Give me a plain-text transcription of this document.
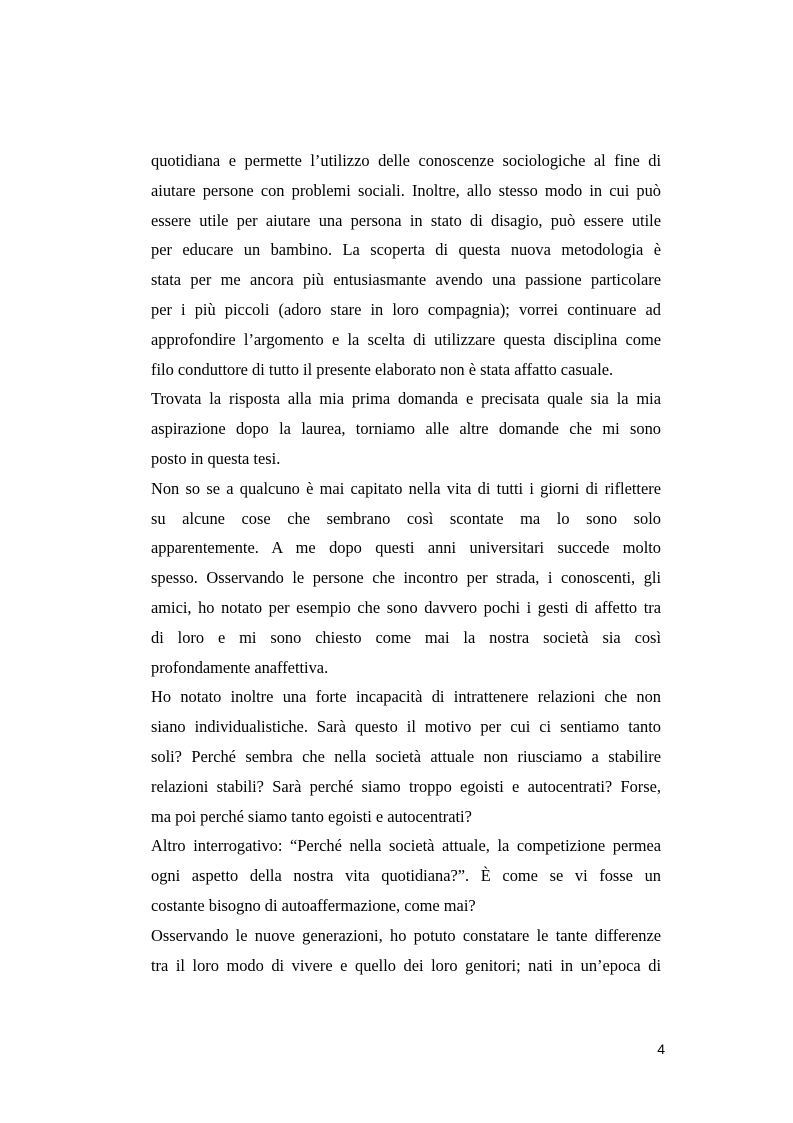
quotidiana e permette l’utilizzo delle conoscenze sociologiche al fine di
aiutare persone con problemi sociali. Inoltre, allo stesso modo in cui può
essere utile per aiutare una persona in stato di disagio, può essere utile
per educare un bambino. La scoperta di questa nuova metodologia è
stata per me ancora più entusiasmante avendo una passione particolare
per i più piccoli (adoro stare in loro compagnia); vorrei continuare ad
approfondire l’argomento e la scelta di utilizzare questa disciplina come
filo conduttore di tutto il presente elaborato non è stata affatto casuale.
Trovata la risposta alla mia prima domanda e precisata quale sia la mia
aspirazione dopo la laurea, torniamo alle altre domande che mi sono
posto in questa tesi.
Non so se a qualcuno è mai capitato nella vita di tutti i giorni di riflettere
su alcune cose che sembrano così scontate ma lo sono solo
apparentemente. A me dopo questi anni universitari succede molto
spesso. Osservando le persone che incontro per strada, i conoscenti, gli
amici, ho notato per esempio che sono davvero pochi i gesti di affetto tra
di loro e mi sono chiesto come mai la nostra società sia così
profondamente anaffettiva.
Ho notato inoltre una forte incapacità di intrattenere relazioni che non
siano individualistiche. Sarà questo il motivo per cui ci sentiamo tanto
soli? Perché sembra che nella società attuale non riusciamo a stabilire
relazioni stabili? Sarà perché siamo troppo egoisti e autocentrati? Forse,
ma poi perché siamo tanto egoisti e autocentrati?
Altro interrogativo: “Perché nella società attuale, la competizione permea
ogni aspetto della nostra vita quotidiana?”. È come se vi fosse un
costante bisogno di autoaffermazione, come mai?
Osservando le nuove generazioni, ho potuto constatare le tante differenze
tra il loro modo di vivere e quello dei loro genitori; nati in un’epoca di
4
